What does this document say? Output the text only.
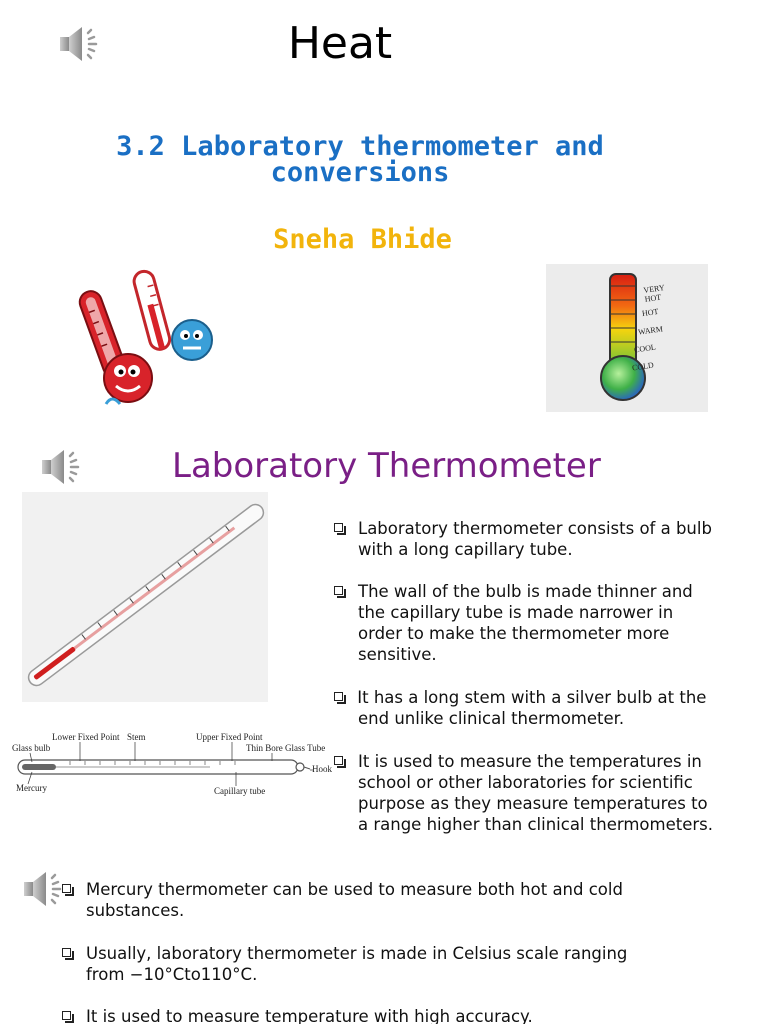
Heat
3.2 Laboratory thermometer and
conversions
Sneha Bhide
VERY HOT
HOT
WARM
COOL
COLD
Laboratory Thermometer
Lower Fixed Point Stem	Upper Fixed Point
Glass bulb	Thin Bore Glass Tube
Hook
Mercury	Capillary tube
Laboratory thermometer consists of a bulb
with a long capillary tube.
The wall of the bulb is made thinner and
the capillary tube is made narrower in
order to make the thermometer more
sensitive.
It has a long stem with a silver bulb at the
end unlike clinical thermometer.
It is used to measure the temperatures in
school or other laboratories for scientific
purpose as they measure temperatures to
a range higher than clinical thermometers.
Mercury thermometer can be used to measure both hot and cold
substances.
Usually, laboratory thermometer is made in Celsius scale ranging
from −10°Cto110°C.
It is used to measure temperature with high accuracy.
